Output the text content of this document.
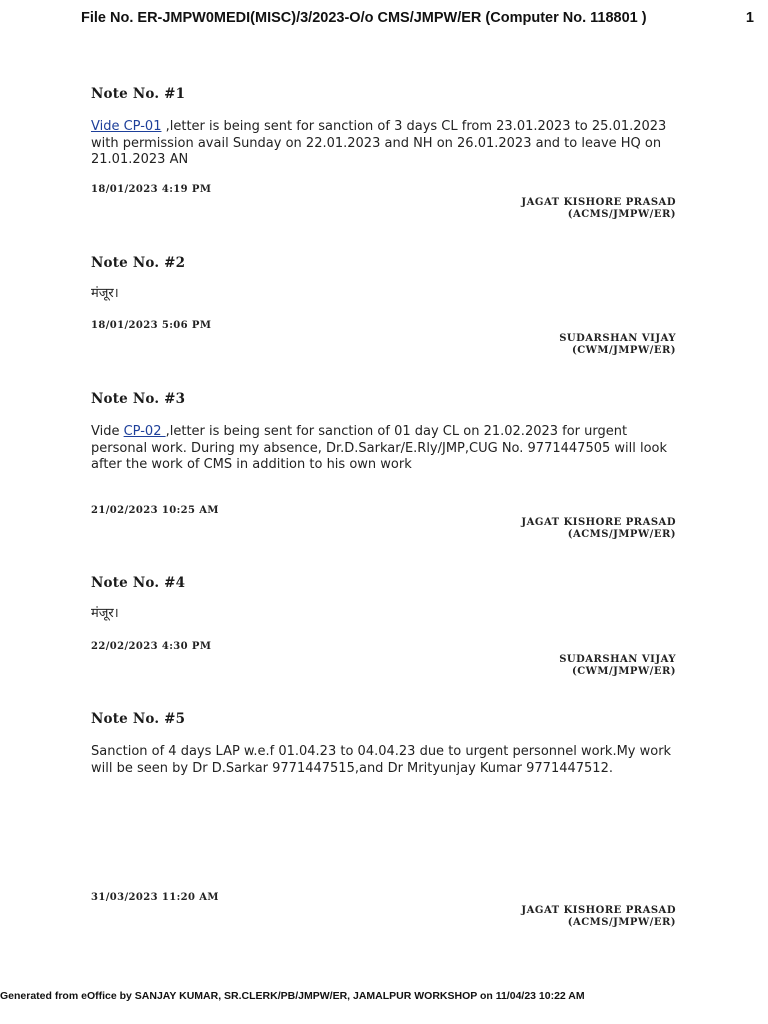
File No. ER-JMPW0MEDI(MISC)/3/2023-O/o CMS/JMPW/ER (Computer No. 118801 )	1
Note No. #1
Vide CP-01 ,letter is being sent for sanction of 3 days CL from 23.01.2023 to 25.01.2023 with permission avail Sunday on 22.01.2023 and NH on 26.01.2023 and to leave HQ on 21.01.2023 AN
18/01/2023 4:19 PM
JAGAT KISHORE PRASAD
(ACMS/JMPW/ER)
Note No. #2
मंजूर।
18/01/2023 5:06 PM
SUDARSHAN VIJAY
(CWM/JMPW/ER)
Note No. #3
Vide CP-02 ,letter is being sent for sanction of 01 day CL on 21.02.2023 for urgent personal work. During my absence, Dr.D.Sarkar/E.Rly/JMP,CUG No. 9771447505 will look after the work of CMS in addition to his own work
21/02/2023 10:25 AM
JAGAT KISHORE PRASAD
(ACMS/JMPW/ER)
Note No. #4
मंजूर।
22/02/2023 4:30 PM
SUDARSHAN VIJAY
(CWM/JMPW/ER)
Note No. #5
Sanction of 4 days LAP w.e.f 01.04.23 to 04.04.23 due to urgent personnel work.My work will be seen by Dr D.Sarkar 9771447515,and Dr Mrityunjay Kumar 9771447512.
31/03/2023 11:20 AM
JAGAT KISHORE PRASAD
(ACMS/JMPW/ER)
Generated from eOffice by SANJAY KUMAR, SR.CLERK/PB/JMPW/ER, JAMALPUR WORKSHOP on 11/04/23 10:22 AM
